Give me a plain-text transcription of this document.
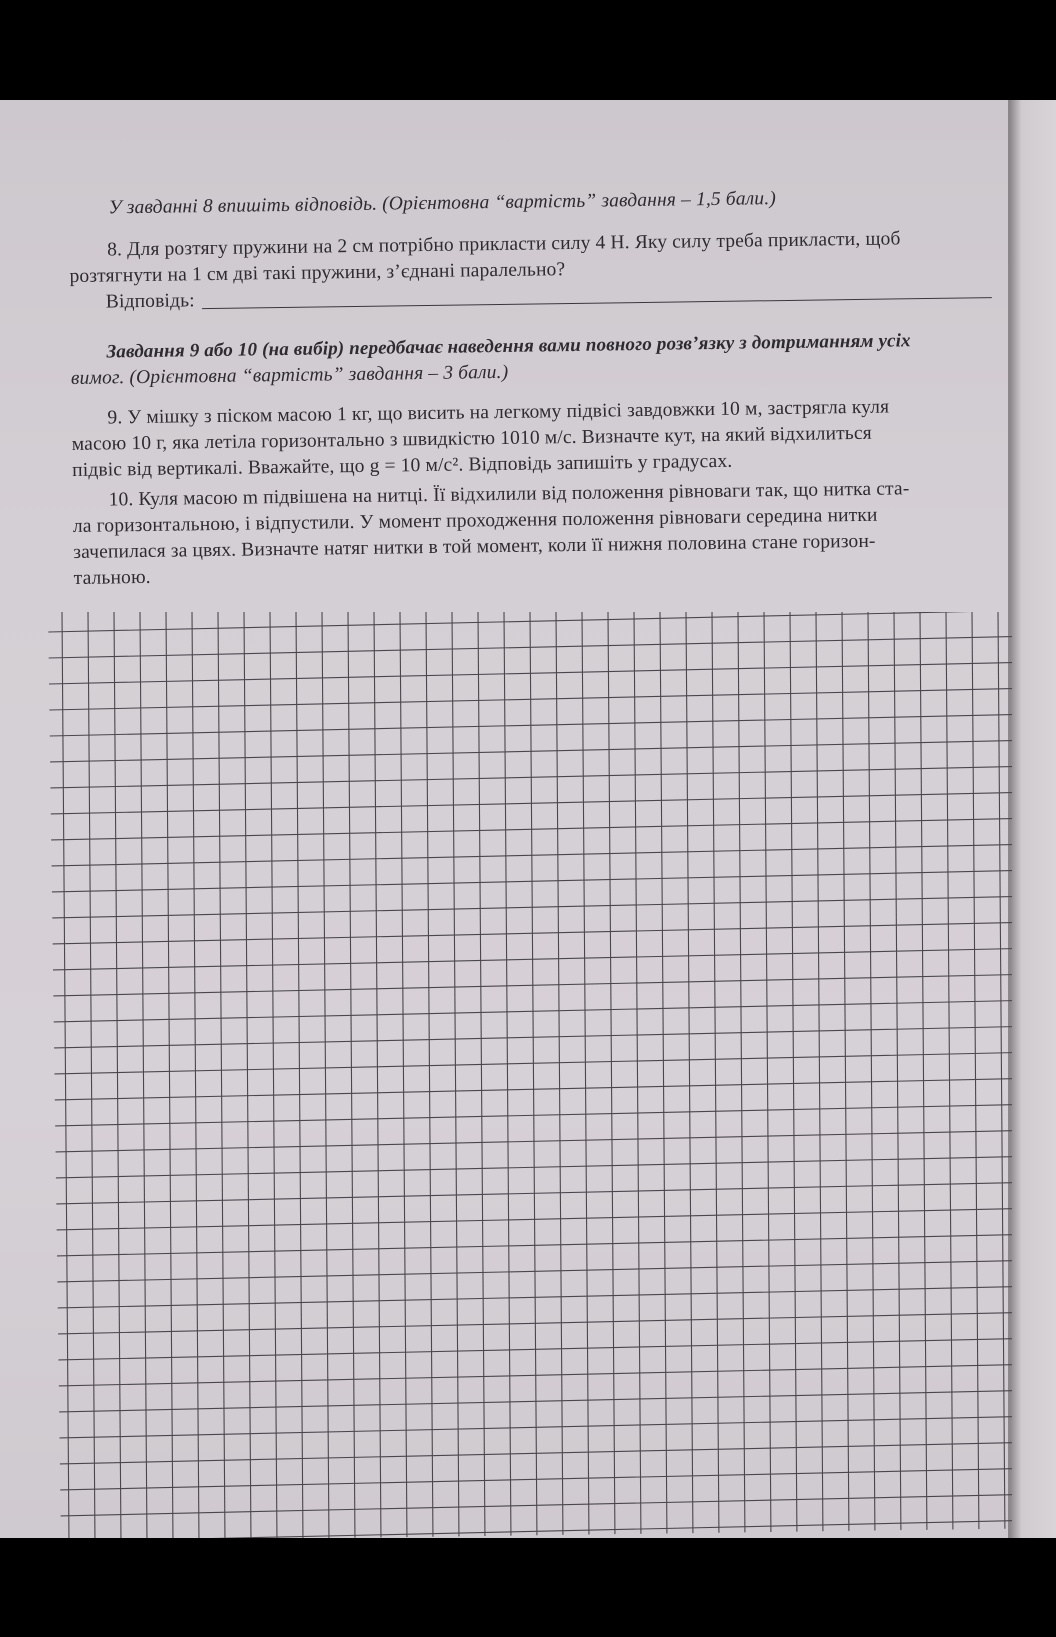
У завданні 8 впишіть відповідь. (Орієнтовна “вартість” завдання – 1,5 бали.)
8. Для розтягу пружини на 2 см потрібно прикласти силу 4 Н. Яку силу треба прикласти, щоб
розтягнути на 1 см дві такі пружини, з’єднані паралельно?
Відповідь:
Завдання 9 або 10 (на вибір) передбачає наведення вами повного розв’язку з дотриманням усіх
вимог. (Орієнтовна “вартість” завдання – 3 бали.)
9. У мішку з піском масою 1 кг, що висить на легкому підвісі завдовжки 10 м, застрягла куля
масою 10 г, яка летіла горизонтально з швидкістю 1010 м/с. Визначте кут, на який відхилиться
підвіс від вертикалі. Вважайте, що g = 10 м/с². Відповідь запишіть у градусах.
10. Куля масою m підвішена на нитці. Її відхилили від положення рівноваги так, що нитка ста-
ла горизонтальною, і відпустили. У момент проходження положення рівноваги середина нитки
зачепилася за цвях. Визначте натяг нитки в той момент, коли її нижня половина стане горизон-
тальною.
